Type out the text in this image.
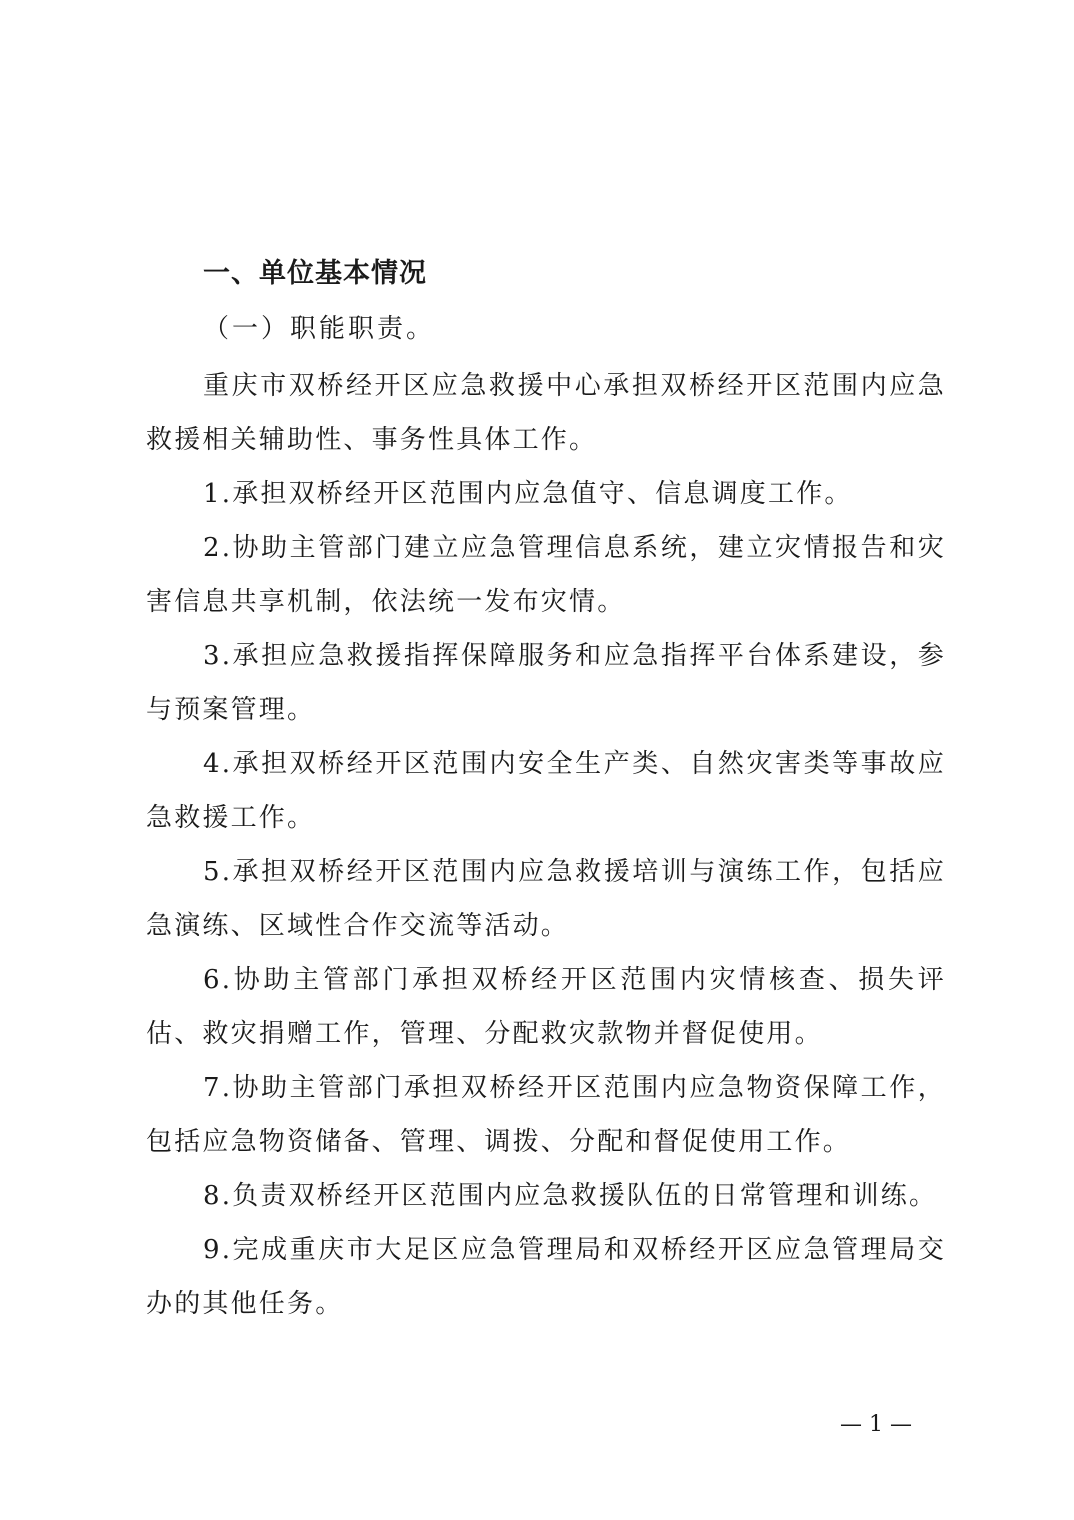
一、单位基本情况
（一）职能职责。

重庆市双桥经开区应急救援中心承担双桥经开区范围内应急救援相关辅助性、事务性具体工作。

1.承担双桥经开区范围内应急值守、信息调度工作。

2.协助主管部门建立应急管理信息系统，建立灾情报告和灾害信息共享机制，依法统一发布灾情。

3.承担应急救援指挥保障服务和应急指挥平台体系建设，参与预案管理。

4.承担双桥经开区范围内安全生产类、自然灾害类等事故应急救援工作。

5.承担双桥经开区范围内应急救援培训与演练工作，包括应急演练、区域性合作交流等活动。

6.协助主管部门承担双桥经开区范围内灾情核查、损失评估、救灾捐赠工作，管理、分配救灾款物并督促使用。

7.协助主管部门承担双桥经开区范围内应急物资保障工作，包括应急物资储备、管理、调拨、分配和督促使用工作。

8.负责双桥经开区范围内应急救援队伍的日常管理和训练。

9.完成重庆市大足区应急管理局和双桥经开区应急管理局交办的其他任务。

— 1 —
